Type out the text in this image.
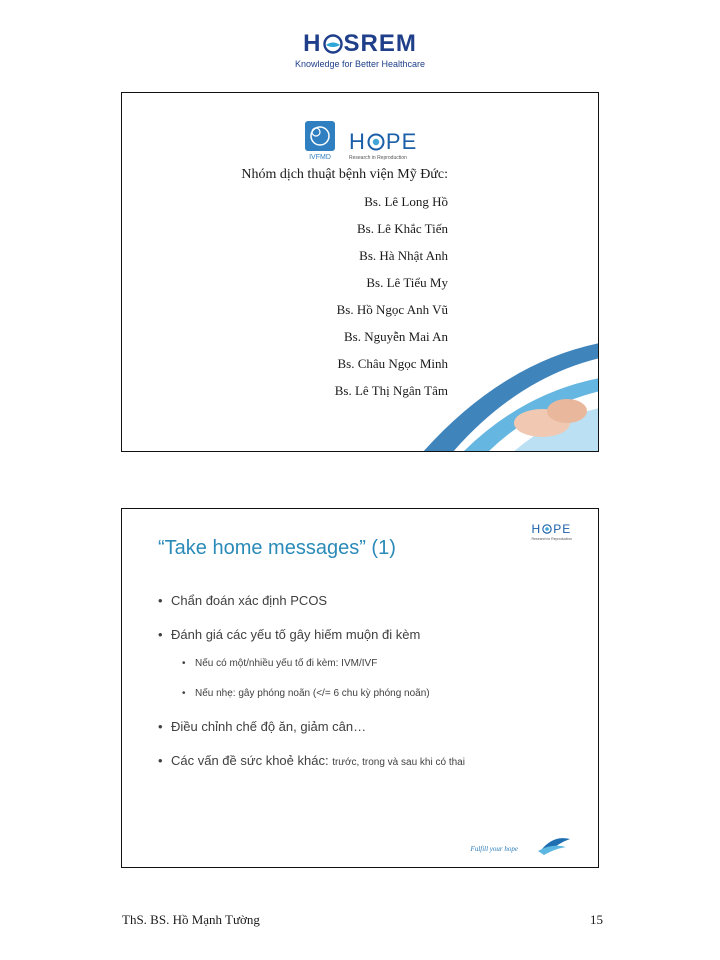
H SREM
Knowledge for Better Healthcare
IVFMD
H PE
Research in Reproduction
Nhóm dịch thuật bệnh viện Mỹ Đức:
Bs. Lê Long Hồ
Bs. Lê Khắc Tiến
Bs. Hà Nhật Anh
Bs. Lê Tiểu My
Bs. Hồ Ngọc Anh Vũ
Bs. Nguyễn Mai An
Bs. Châu Ngọc Minh
Bs. Lê Thị Ngân Tâm
H PE
Research in Reproduction
“Take home messages” (1)
• Chẩn đoán xác định PCOS
• Đánh giá các yếu tố gây hiếm muộn đi kèm
• Nếu có một/nhiều yếu tố đi kèm: IVM/IVF
• Nếu nhẹ: gây phóng noãn (</= 6 chu kỳ phóng noãn)
• Điều chỉnh chế độ ăn, giảm cân…
• Các vấn đề sức khoẻ khác: trước, trong và sau khi có thai
Fulfill your hope
ThS. BS. Hồ Mạnh Tường	15
